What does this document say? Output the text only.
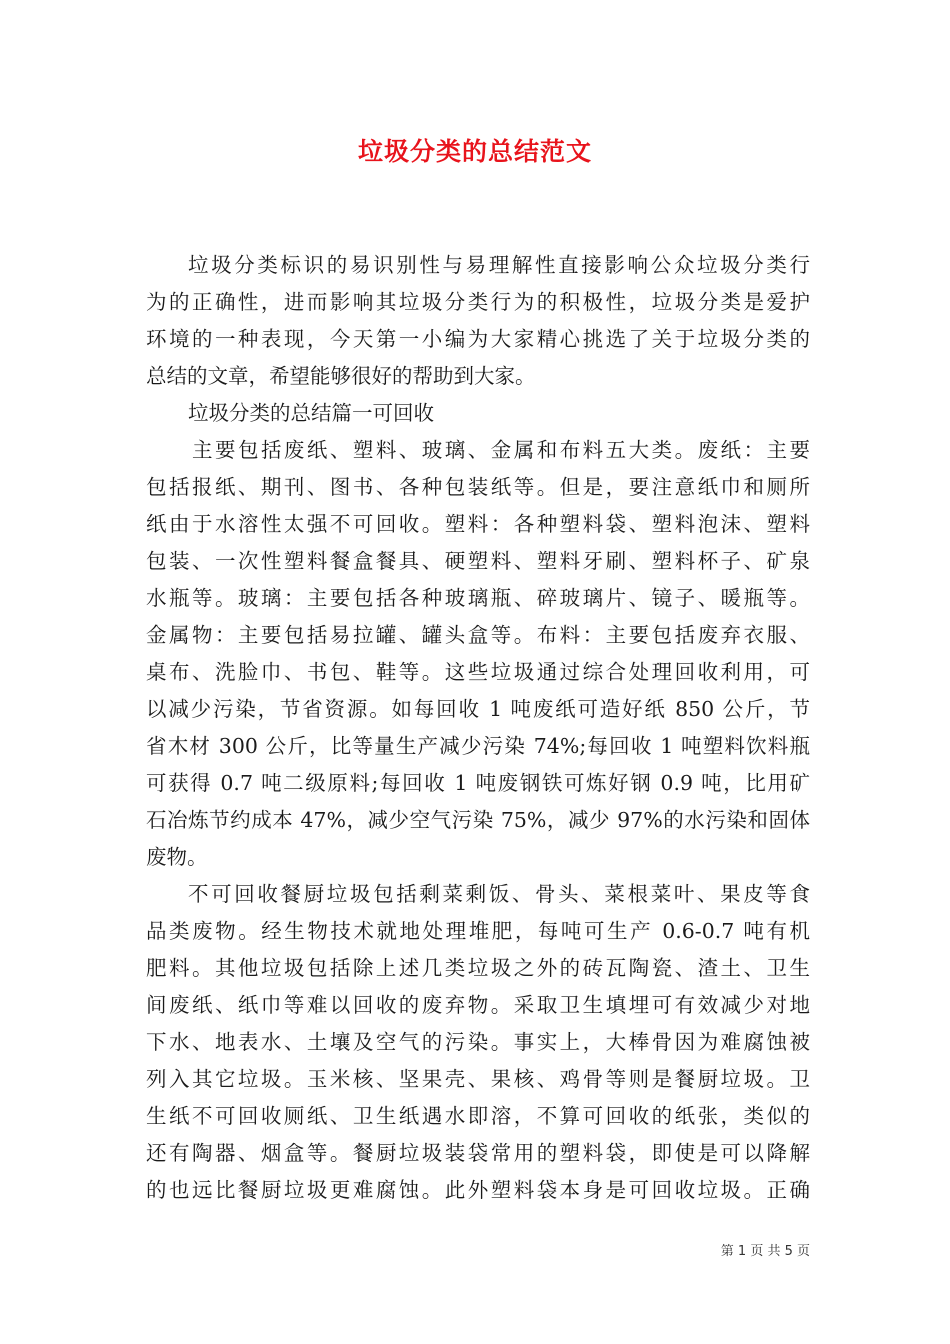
垃圾分类的总结范文
垃圾分类标识的易识别性与易理解性直接影响公众垃圾分类行
为的正确性，进而影响其垃圾分类行为的积极性，垃圾分类是爱护
环境的一种表现，今天第一小编为大家精心挑选了关于垃圾分类的
总结的文章，希望能够很好的帮助到大家。
垃圾分类的总结篇一可回收
主要包括废纸、塑料、玻璃、金属和布料五大类。废纸：主要
包括报纸、期刊、图书、各种包装纸等。但是，要注意纸巾和厕所
纸由于水溶性太强不可回收。塑料：各种塑料袋、塑料泡沫、塑料
包装、一次性塑料餐盒餐具、硬塑料、塑料牙刷、塑料杯子、矿泉
水瓶等。玻璃：主要包括各种玻璃瓶、碎玻璃片、镜子、暖瓶等。
金属物：主要包括易拉罐、罐头盒等。布料：主要包括废弃衣服、
桌布、洗脸巾、书包、鞋等。这些垃圾通过综合处理回收利用，可
以减少污染，节省资源。如每回收 1 吨废纸可造好纸 850 公斤，节
省木材 300 公斤，比等量生产减少污染 74%;每回收 1 吨塑料饮料瓶
可获得 0.7 吨二级原料;每回收 1 吨废钢铁可炼好钢 0.9 吨，比用矿
石冶炼节约成本 47%，减少空气污染 75%，减少 97%的水污染和固体
废物。
不可回收餐厨垃圾包括剩菜剩饭、骨头、菜根菜叶、果皮等食
品类废物。经生物技术就地处理堆肥，每吨可生产 0.6-0.7 吨有机
肥料。其他垃圾包括除上述几类垃圾之外的砖瓦陶瓷、渣土、卫生
间废纸、纸巾等难以回收的废弃物。采取卫生填埋可有效减少对地
下水、地表水、土壤及空气的污染。事实上，大棒骨因为难腐蚀被
列入其它垃圾。玉米核、坚果壳、果核、鸡骨等则是餐厨垃圾。卫
生纸不可回收厕纸、卫生纸遇水即溶，不算可回收的纸张，类似的
还有陶器、烟盒等。餐厨垃圾装袋常用的塑料袋，即使是可以降解
的也远比餐厨垃圾更难腐蚀。此外塑料袋本身是可回收垃圾。正确
第 1 页 共 5 页
